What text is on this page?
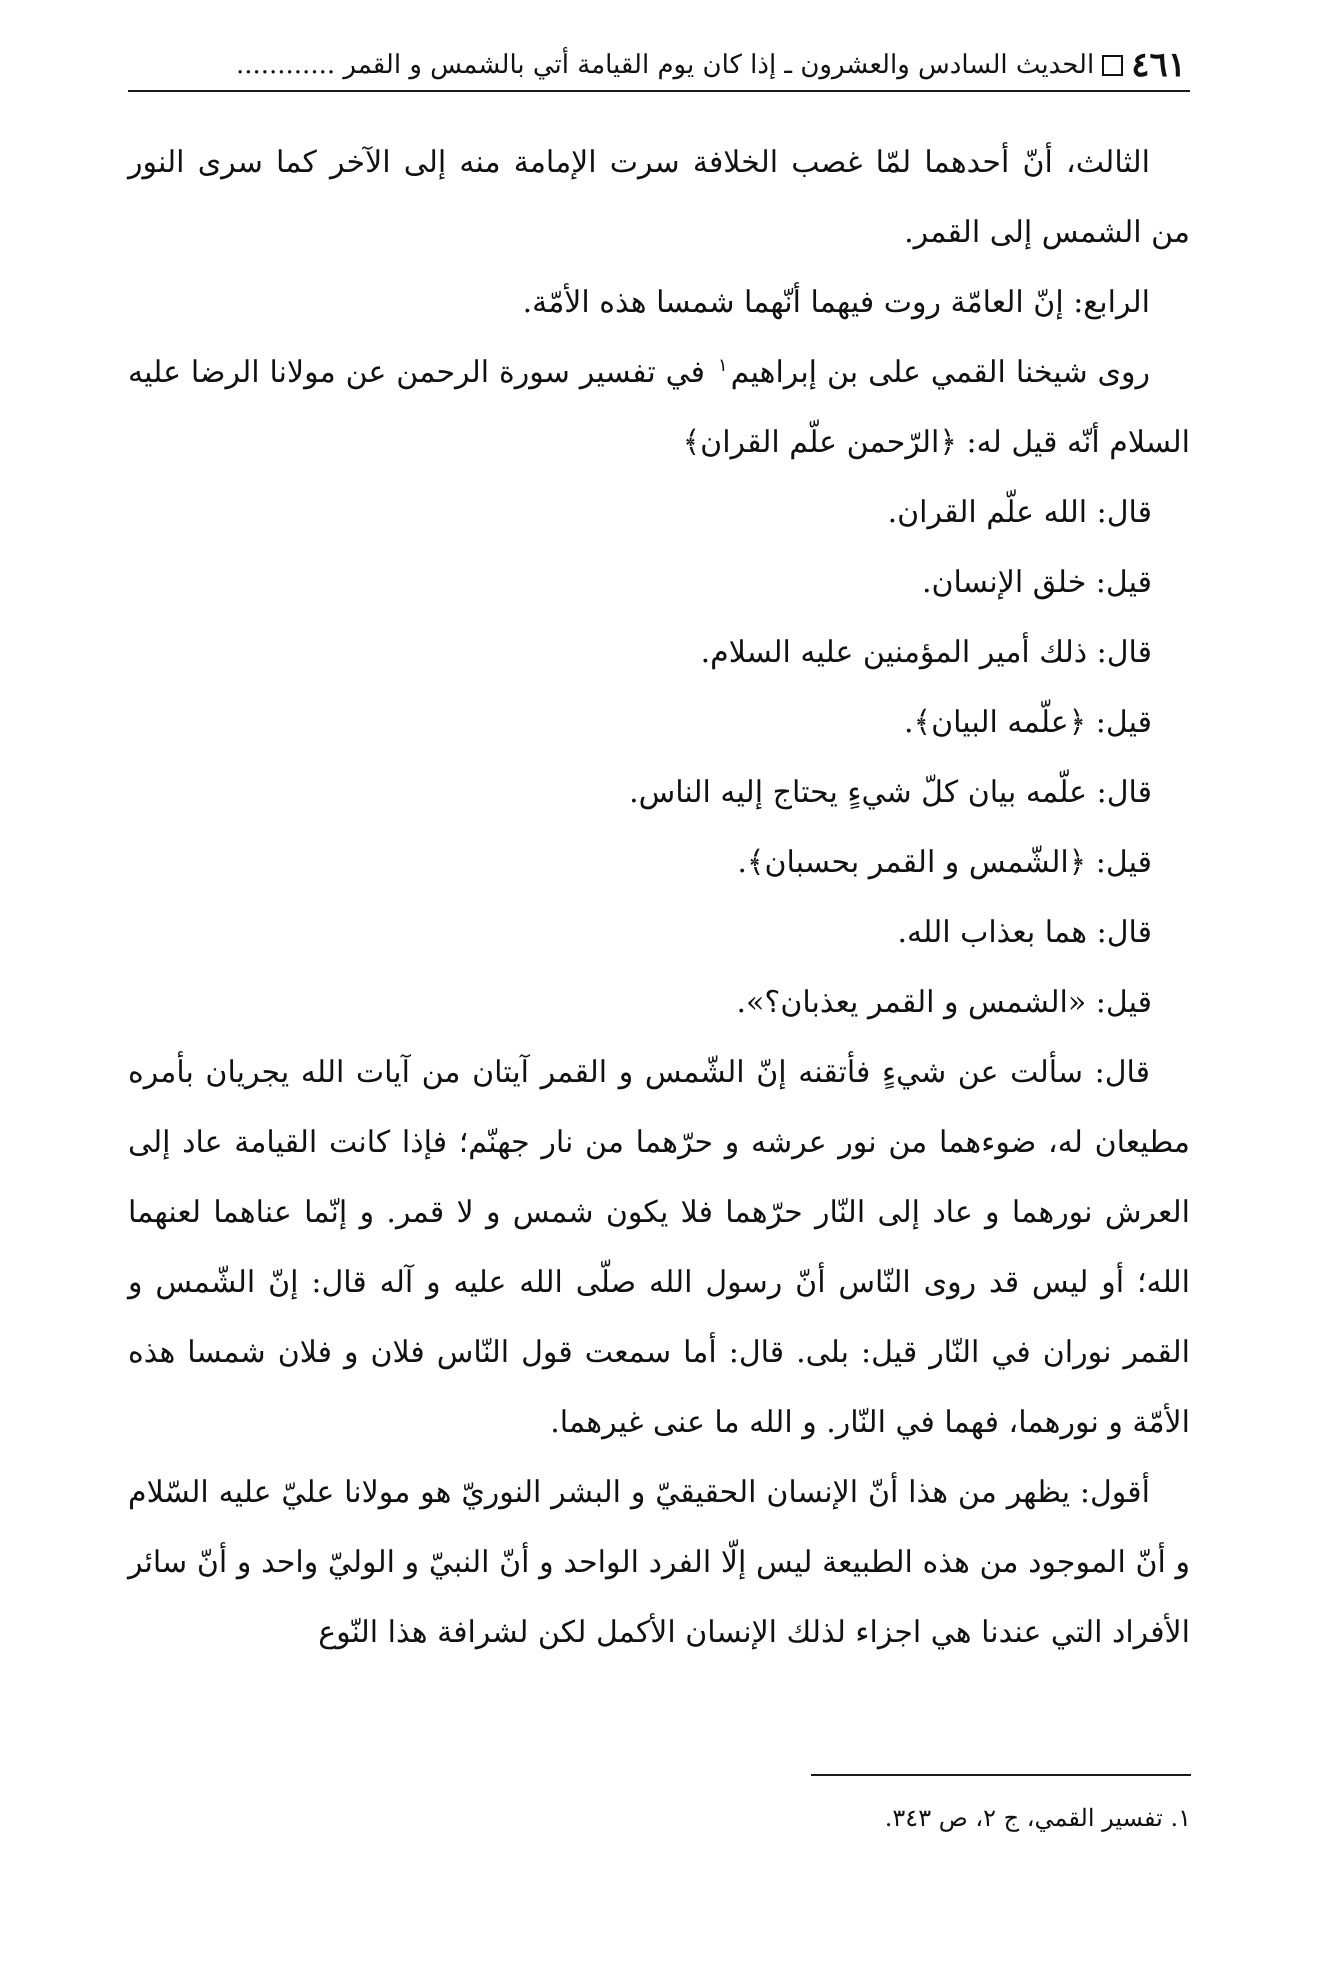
٤٦١
الحديث السادس والعشرون ـ إذا كان يوم القيامة أتي بالشمس و القمر ...
.........

الثالث، أنّ أحدهما لمّا غصب الخلافة سرت الإمامة منه إلى الآخر كما سرى النور من الشمس إلى القمر.

الرابع: إنّ العامّة روت فيهما أنّهما شمسا هذه الأمّة.

روى شيخنا القمي على بن إبراهيم$^١$ في تفسير سورة الرحمن عن مولانا الرضا عليه السلام أنّه قيل له: ﴿الرّحمن علّم القران﴾

قال: الله علّم القران.

قيل: خلق الإنسان.

قال: ذلك أمير المؤمنين عليه السلام.

قيل: ﴿علّمه البيان﴾.

قال: علّمه بيان كلّ شيءٍ يحتاج إليه الناس.

قيل: ﴿الشّمس و القمر بحسبان﴾.

قال: هما بعذاب الله.

قيل: «الشمس و القمر يعذبان؟».

قال: سألت عن شيءٍ فأتقنه إنّ الشّمس و القمر آيتان من آيات الله يجريان بأمره مطيعان له، ضوءهما من نور عرشه و حرّهما من نار جهنّم؛ فإذا كانت القيامة عاد إلى العرش نورهما و عاد إلى النّار حرّهما فلا يكون شمس و لا قمر. و إنّما عناهما لعنهما الله؛ أو ليس قد روى النّاس أنّ رسول الله صلّى الله عليه و آله قال: إنّ الشّمس و القمر نوران في النّار قيل: بلى. قال: أما سمعت قول النّاس فلان و فلان شمسا هذه الأمّة و نورهما، فهما في النّار. و الله ما عنى غيرهما.

أقول: يظهر من هذا أنّ الإنسان الحقيقيّ و البشر النوريّ هو مولانا عليّ عليه السّلام و أنّ الموجود من هذه الطبيعة ليس إلّا الفرد الواحد و أنّ النبيّ و الوليّ واحد و أنّ سائر الأفراد التي عندنا هي اجزاء لذلك الإنسان الأكمل لكن لشرافة هذا النّوع

١. تفسير القمي، ج ٢، ص ٣٤٣.
